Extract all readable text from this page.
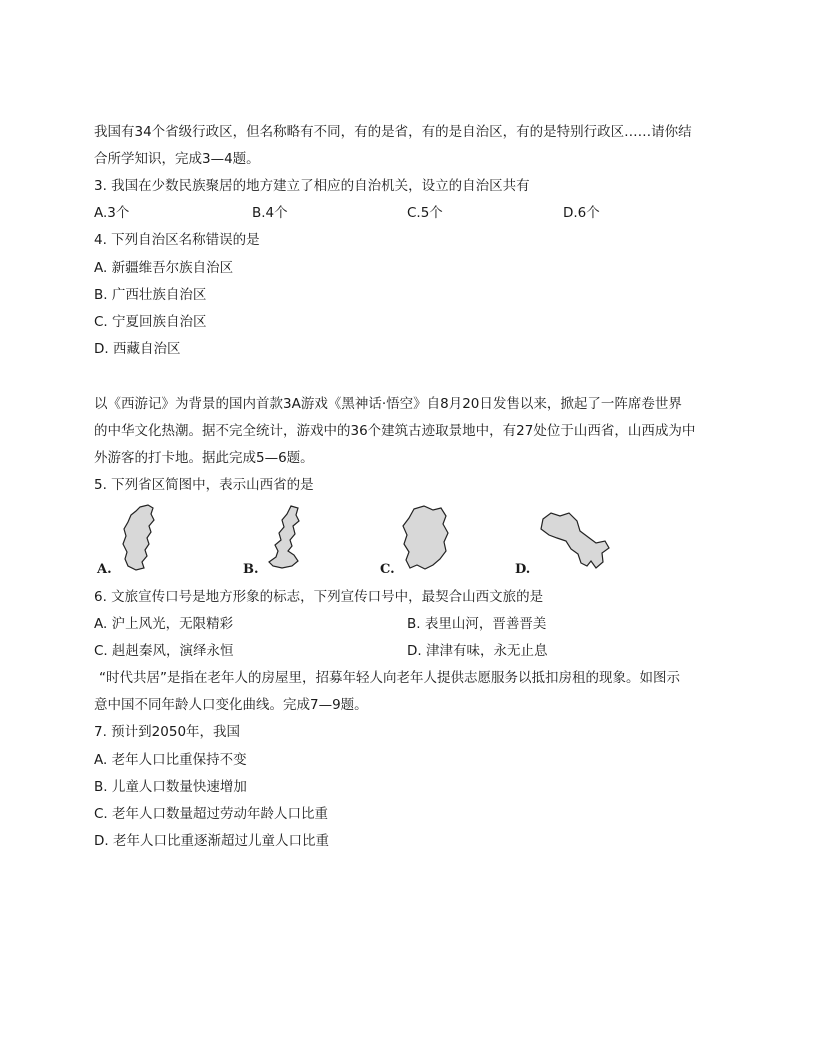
我国有34个省级行政区，但名称略有不同，有的是省，有的是自治区，有的是特别行政区……请你结
合所学知识，完成3—4题。
3. 我国在少数民族聚居的地方建立了相应的自治机关，设立的自治区共有
A.3个	B.4个	C.5个	D.6个
4. 下列自治区名称错误的是
A. 新疆维吾尔族自治区
B. 广西壮族自治区
C. 宁夏回族自治区
D. 西藏自治区
以《西游记》为背景的国内首款3A游戏《黑神话·悟空》自8月20日发售以来，掀起了一阵席卷世界
的中华文化热潮。据不完全统计，游戏中的36个建筑古迹取景地中，有27处位于山西省，山西成为中
外游客的打卡地。据此完成5—6题。
5. 下列省区简图中，表示山西省的是
A.	B.	C.	D.
6. 文旅宣传口号是地方形象的标志，下列宣传口号中，最契合山西文旅的是
A. 沪上风光，无限精彩	B. 表里山河，晋善晋美
C. 赳赳秦风，演绎永恒	D. 津津有味，永无止息
“时代共居”是指在老年人的房屋里，招募年轻人向老年人提供志愿服务以抵扣房租的现象。如图示
意中国不同年龄人口变化曲线。完成7—9题。
7. 预计到2050年，我国
A. 老年人口比重保持不变
B. 儿童人口数量快速增加
C. 老年人口数量超过劳动年龄人口比重
D. 老年人口比重逐渐超过儿童人口比重
